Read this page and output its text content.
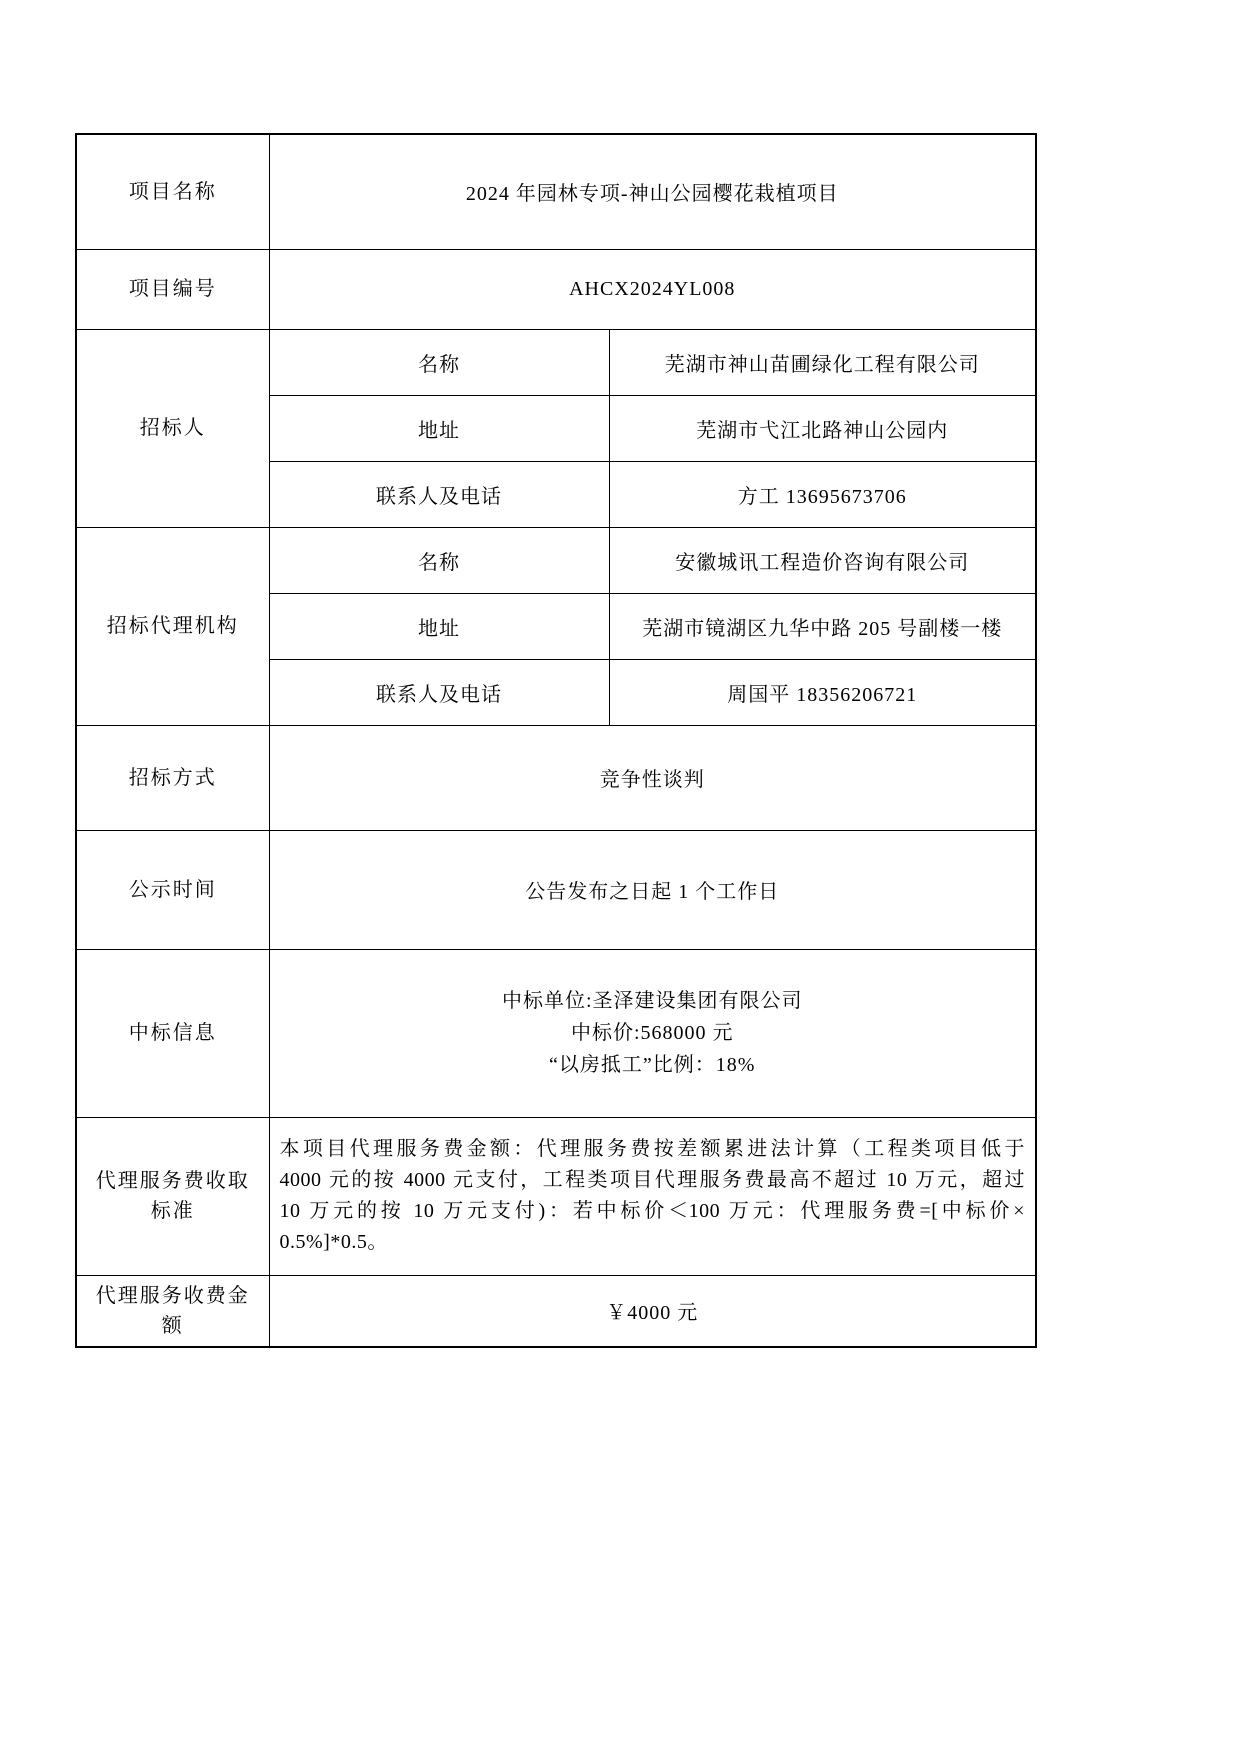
项目名称	2024 年园林专项-神山公园樱花栽植项目	
项目编号	AHCX2024YL008	
招标人	名称	芜湖市神山苗圃绿化工程有限公司
	地址	芜湖市弋江北路神山公园内
	联系人及电话	方工 13695673706
招标代理机构	名称	安徽城讯工程造价咨询有限公司
	地址	芜湖市镜湖区九华中路 205 号副楼一楼
	联系人及电话	周国平 18356206721
招标方式	竞争性谈判	
公示时间	公告发布之日起 1 个工作日	
中标信息	中标单位:圣泽建设集团有限公司
中标价:568000 元
“以房抵工”比例：18%	

代理服务费收取标准	本项目代理服务费金额：代理服务费按差额累进法计算（工程类项目低于
4000 元的按 4000 元支付，工程类项目代理服务费最高不超过 10 万元，超过
10 万元的按 10 万元支付)：若中标价＜100 万元：代理服务费=[中标价×
0.5%]*0.5。	

代理服务收费金额	￥4000 元	
